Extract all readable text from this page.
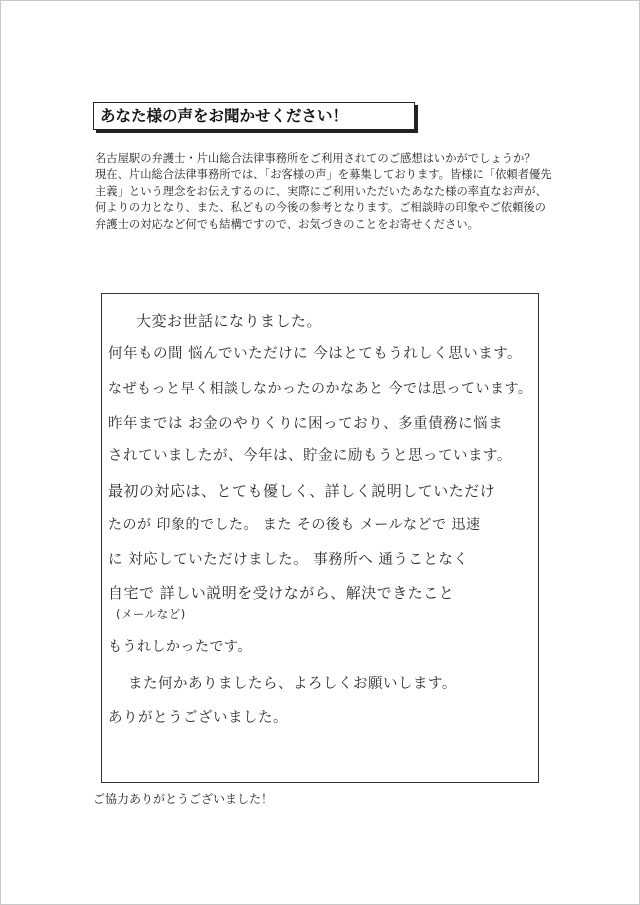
あなた様の声をお聞かせください！

名古屋駅の弁護士・片山総合法律事務所をご利用されてのご感想はいかがでしょうか？

現在、片山総合法律事務所では、「お客様の声」を募集しております。皆様に「依頼者優先主義」という理念をお伝えするのに、実際にご利用いただいたあなた様の率直なお声が、何よりの力となり、また、私どもの今後の参考となります。ご相談時の印象やご依頼後の弁護士の対応など何でも結構ですので、お気づきのことをお寄せください。

大変お世話になりました。
何年もの間 悩んでいただけに 今はとてもうれしく思います。
なぜもっと早く相談しなかったのかなあと 今では思っています。
昨年までは お金のやりくりに困っており、多重債務に悩ま
されていましたが、今年は、貯金に励もうと思っています。
最初の対応は、とても優しく、詳しく説明していただけ
たのが 印象的でした。 また その後も メールなどで 迅速
に 対応していただけました。 事務所へ 通うことなく
自宅で 詳しい説明を受けながら、解決できたこと
(メールなど)
もうれしかったです。
また何かありましたら、よろしくお願いします。
ありがとうございました。
ご協力ありがとうございました！
